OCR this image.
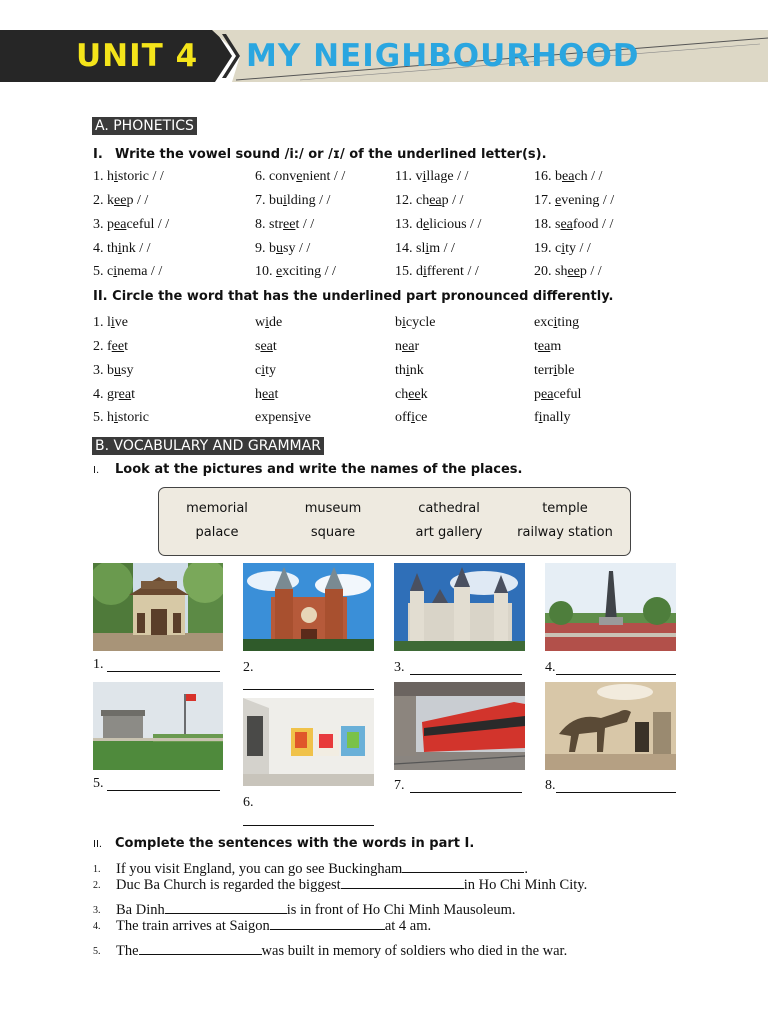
UNIT 4 MY NEIGHBOURHOOD
A. PHONETICS
I. Write the vowel sound /i:/ or /ɪ/ of the underlined letter(s).
1. historic / /	6. convenient / /	11. village / /	16. beach / /
2. keep / /	7. building / /	12. cheap / /	17. evening / /
3. peaceful / /	8. street / /	13. delicious / /	18. seafood / /
4. think / /	9. busy / /	14. slim / /	19. city / /
5. cinema / /	10. exciting / /	15. different / /	20. sheep / /
II. Circle the word that has the underlined part pronounced differently.
1. live	wide	bicycle	exciting
2. feet	seat	near	team
3. busy	city	think	terrible
4. great	heat	cheek	peaceful
5. historic	expensive	office	finally
B. VOCABULARY AND GRAMMAR
I. Look at the pictures and write the names of the places.
memorial	museum	cathedral	temple
palace	square	art gallery	railway station
1.	2.	3.	4.
5.
6.
7.	8.
II. Complete the sentences with the words in part I.
1. If you visit England, you can go see Buckingham	.
2. Duc Ba Church is regarded the biggest	in Ho Chi Minh City.
3. Ba Dinh	is in front of Ho Chi Minh Mausoleum.
4. The train arrives at Saigon	at 4 am.
5. The	was built in memory of soldiers who died in the war.
